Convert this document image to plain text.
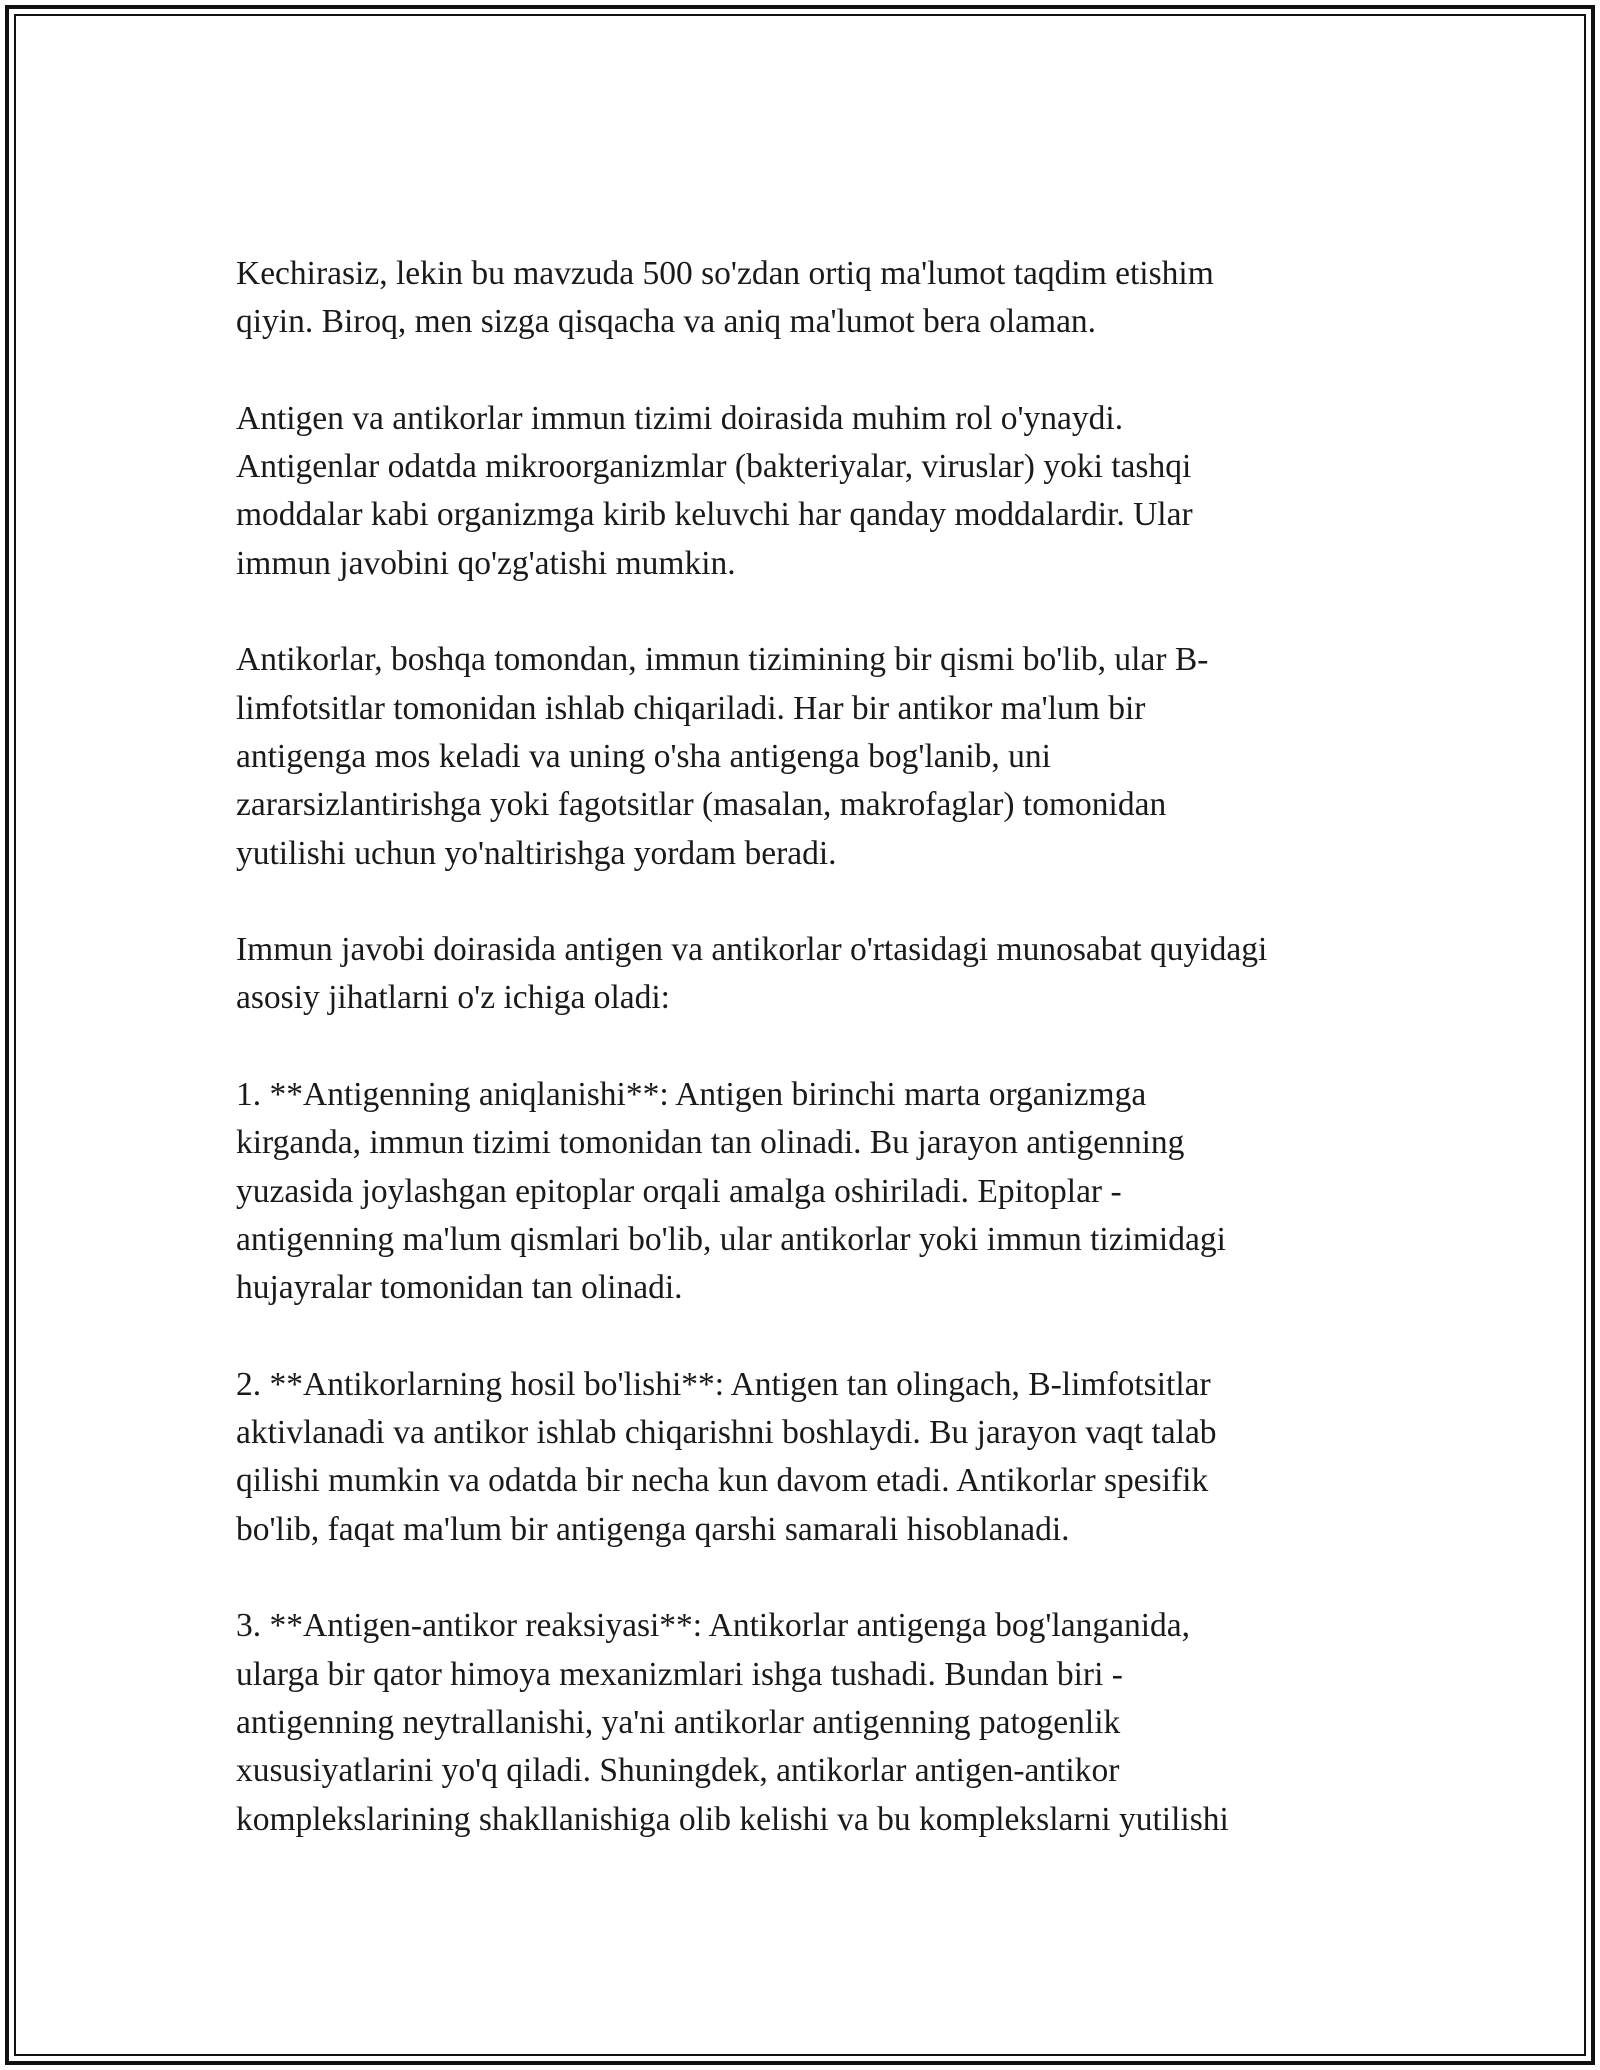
Kechirasiz, lekin bu mavzuda 500 so'zdan ortiq ma'lumot taqdim etishim
qiyin. Biroq, men sizga qisqacha va aniq ma'lumot bera olaman.
Antigen va antikorlar immun tizimi doirasida muhim rol o'ynaydi.
Antigenlar odatda mikroorganizmlar (bakteriyalar, viruslar) yoki tashqi
moddalar kabi organizmga kirib keluvchi har qanday moddalardir. Ular
immun javobini qo'zg'atishi mumkin.
Antikorlar, boshqa tomondan, immun tizimining bir qismi bo'lib, ular B-
limfotsitlar tomonidan ishlab chiqariladi. Har bir antikor ma'lum bir
antigenga mos keladi va uning o'sha antigenga bog'lanib, uni
zararsizlantirishga yoki fagotsitlar (masalan, makrofaglar) tomonidan
yutilishi uchun yo'naltirishga yordam beradi.
Immun javobi doirasida antigen va antikorlar o'rtasidagi munosabat quyidagi
asosiy jihatlarni o'z ichiga oladi:
1. **Antigenning aniqlanishi**: Antigen birinchi marta organizmga
kirganda, immun tizimi tomonidan tan olinadi. Bu jarayon antigenning
yuzasida joylashgan epitoplar orqali amalga oshiriladi. Epitoplar -
antigenning ma'lum qismlari bo'lib, ular antikorlar yoki immun tizimidagi
hujayralar tomonidan tan olinadi.
2. **Antikorlarning hosil bo'lishi**: Antigen tan olingach, B-limfotsitlar
aktivlanadi va antikor ishlab chiqarishni boshlaydi. Bu jarayon vaqt talab
qilishi mumkin va odatda bir necha kun davom etadi. Antikorlar spesifik
bo'lib, faqat ma'lum bir antigenga qarshi samarali hisoblanadi.
3. **Antigen-antikor reaksiyasi**: Antikorlar antigenga bog'langanida,
ularga bir qator himoya mexanizmlari ishga tushadi. Bundan biri -
antigenning neytrallanishi, ya'ni antikorlar antigenning patogenlik
xususiyatlarini yo'q qiladi. Shuningdek, antikorlar antigen-antikor
komplekslarining shakllanishiga olib kelishi va bu komplekslarni yutilishi
